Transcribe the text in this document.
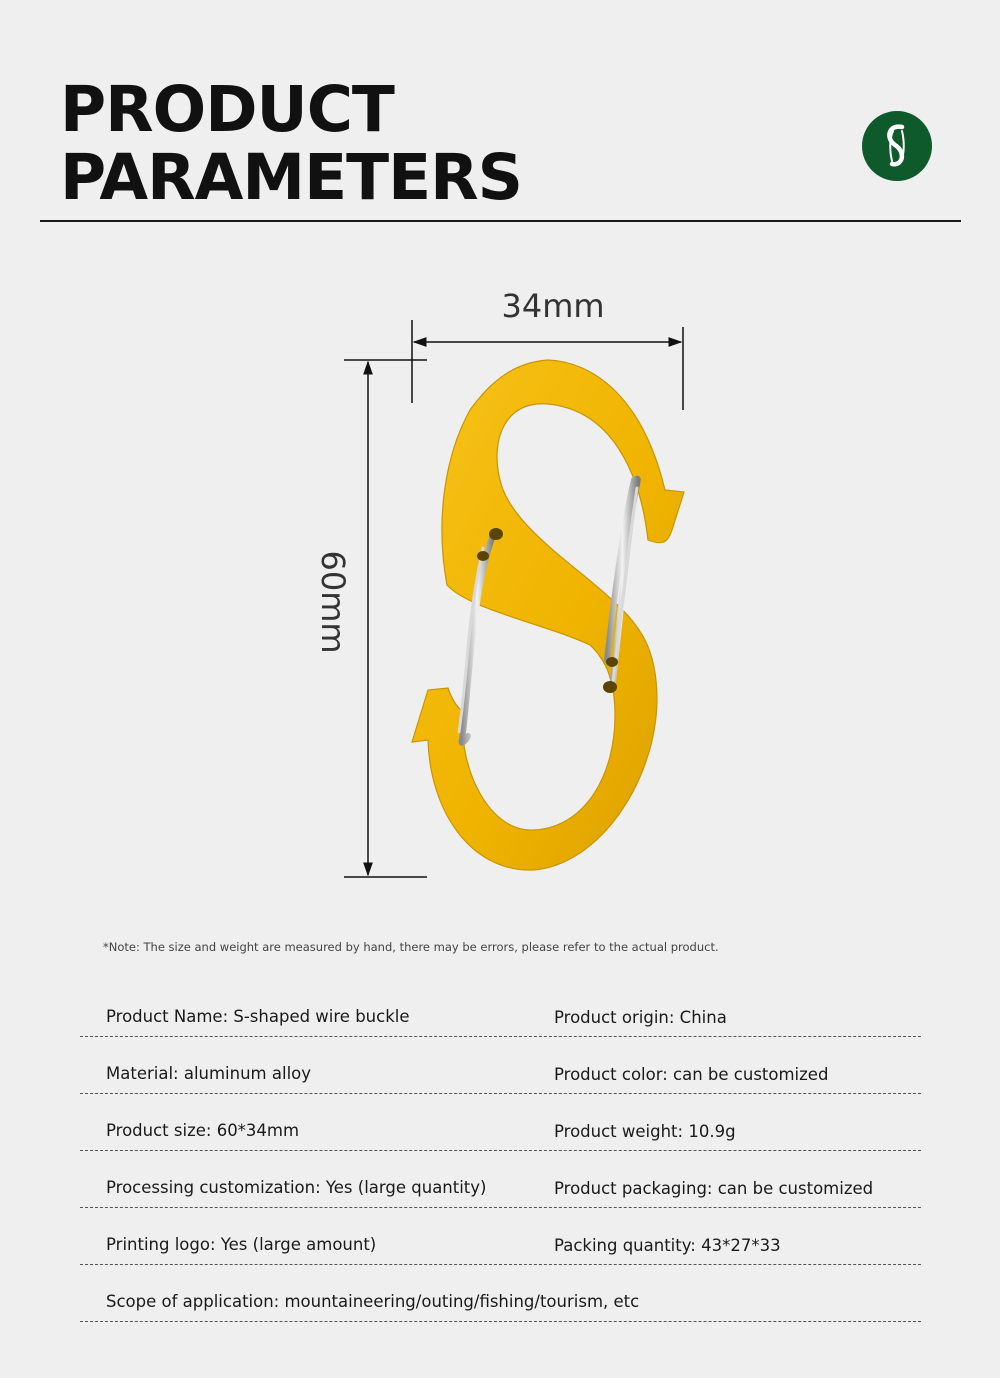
PRODUCT
PARAMETERS
34mm
60mm
*Note: The size and weight are measured by hand, there may be errors, please refer to the actual product.
Product Name: S-shaped wire buckle	Product origin: China
Material: aluminum alloy	Product color: can be customized
Product size: 60*34mm	Product weight: 10.9g
Processing customization: Yes (large quantity)	Product packaging: can be customized
Printing logo: Yes (large amount)	Packing quantity: 43*27*33
Scope of application: mountaineering/outing/fishing/tourism, etc
